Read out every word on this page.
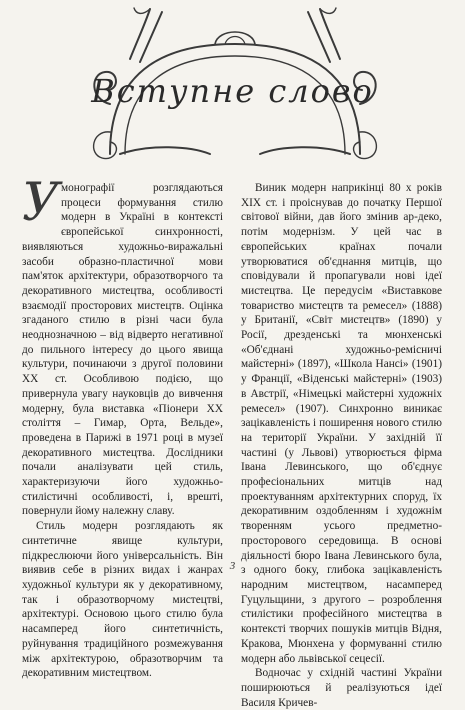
Вступне слово

Умонографії розглядаються процеси формування стилю модерн в Україні в контексті європейської синхронності, виявляються художньо-виражальні засоби образно-пластичної мови пам'яток архітектури, образотворчого та декоративного мистецтва, особливості взаємодії просторових мистецтв. Оцінка згаданого стилю в різні часи була неоднозначною – від відверто негативної до пильного інтересу до цього явища культури, починаючи з другої половини XX ст. Особливою подією, що привернула увагу науковців до вивчення модерну, була виставка «Піонери XX століття – Гимар, Орта, Вельде», проведена в Парижі в 1971 році в музеї декоративного мистецтва. Дослідники почали аналізувати цей стиль, характеризуючи його художньо-стилістичні особливості, і, врешті, повернули йому належну славу.

Стиль модерн розглядають як синтетичне явище культури, підкреслюючи його універсальність. Він виявив себе в різних видах і жанрах художньої культури як у декоративному, так і образотворчому мистецтві, архітектурі. Основою цього стилю була насамперед його синтетичність, руйнування традиційного розмежування між архітектурою, образотворчим та декоративним мистецтвом.

Виник модерн наприкінці 80 х років XIX ст. і проіснував до початку Першої світової війни, дав його змінив ар-деко, потім модернізм. У цей час в європейських країнах почали утворюватися об'єднання митців, що сповідували й пропагували нові ідеї мистецтва. Це передусім «Виставкове товариство мистецтв та ремесел» (1888) у Британії, «Світ мистецтв» (1890) у Росії, дрезденські та мюнхенські «Об'єднані художньо-ремісничі майстерні» (1897), «Школа Нансі» (1901) у Франції, «Віденські майстерні» (1903) в Австрії, «Німецькі майстерні художніх ремесел» (1907). Синхронно виникає зацікавленість і поширення нового стилю на території України. У західній її частині (у Львові) утворюється фірма Івана Левинського, що об'єднує професіональних митців над проектуванням архітектурних споруд, їх декоративним оздобленням і художнім творенням усього предметно-просторового середовища. В основі діяльності бюро Івана Левинського була, з одного боку, глибока зацікавленість народним мистецтвом, насамперед Гуцульщини, з другого – розроблення стилістики професійного мистецтва в контексті творчих пошуків митців Відня, Кракова, Мюнхена у формуванні стилю модерн або львівської сецесії.

Водночас у східній частині України поширюються й реалізуються ідеї Василя Кричев-

3
